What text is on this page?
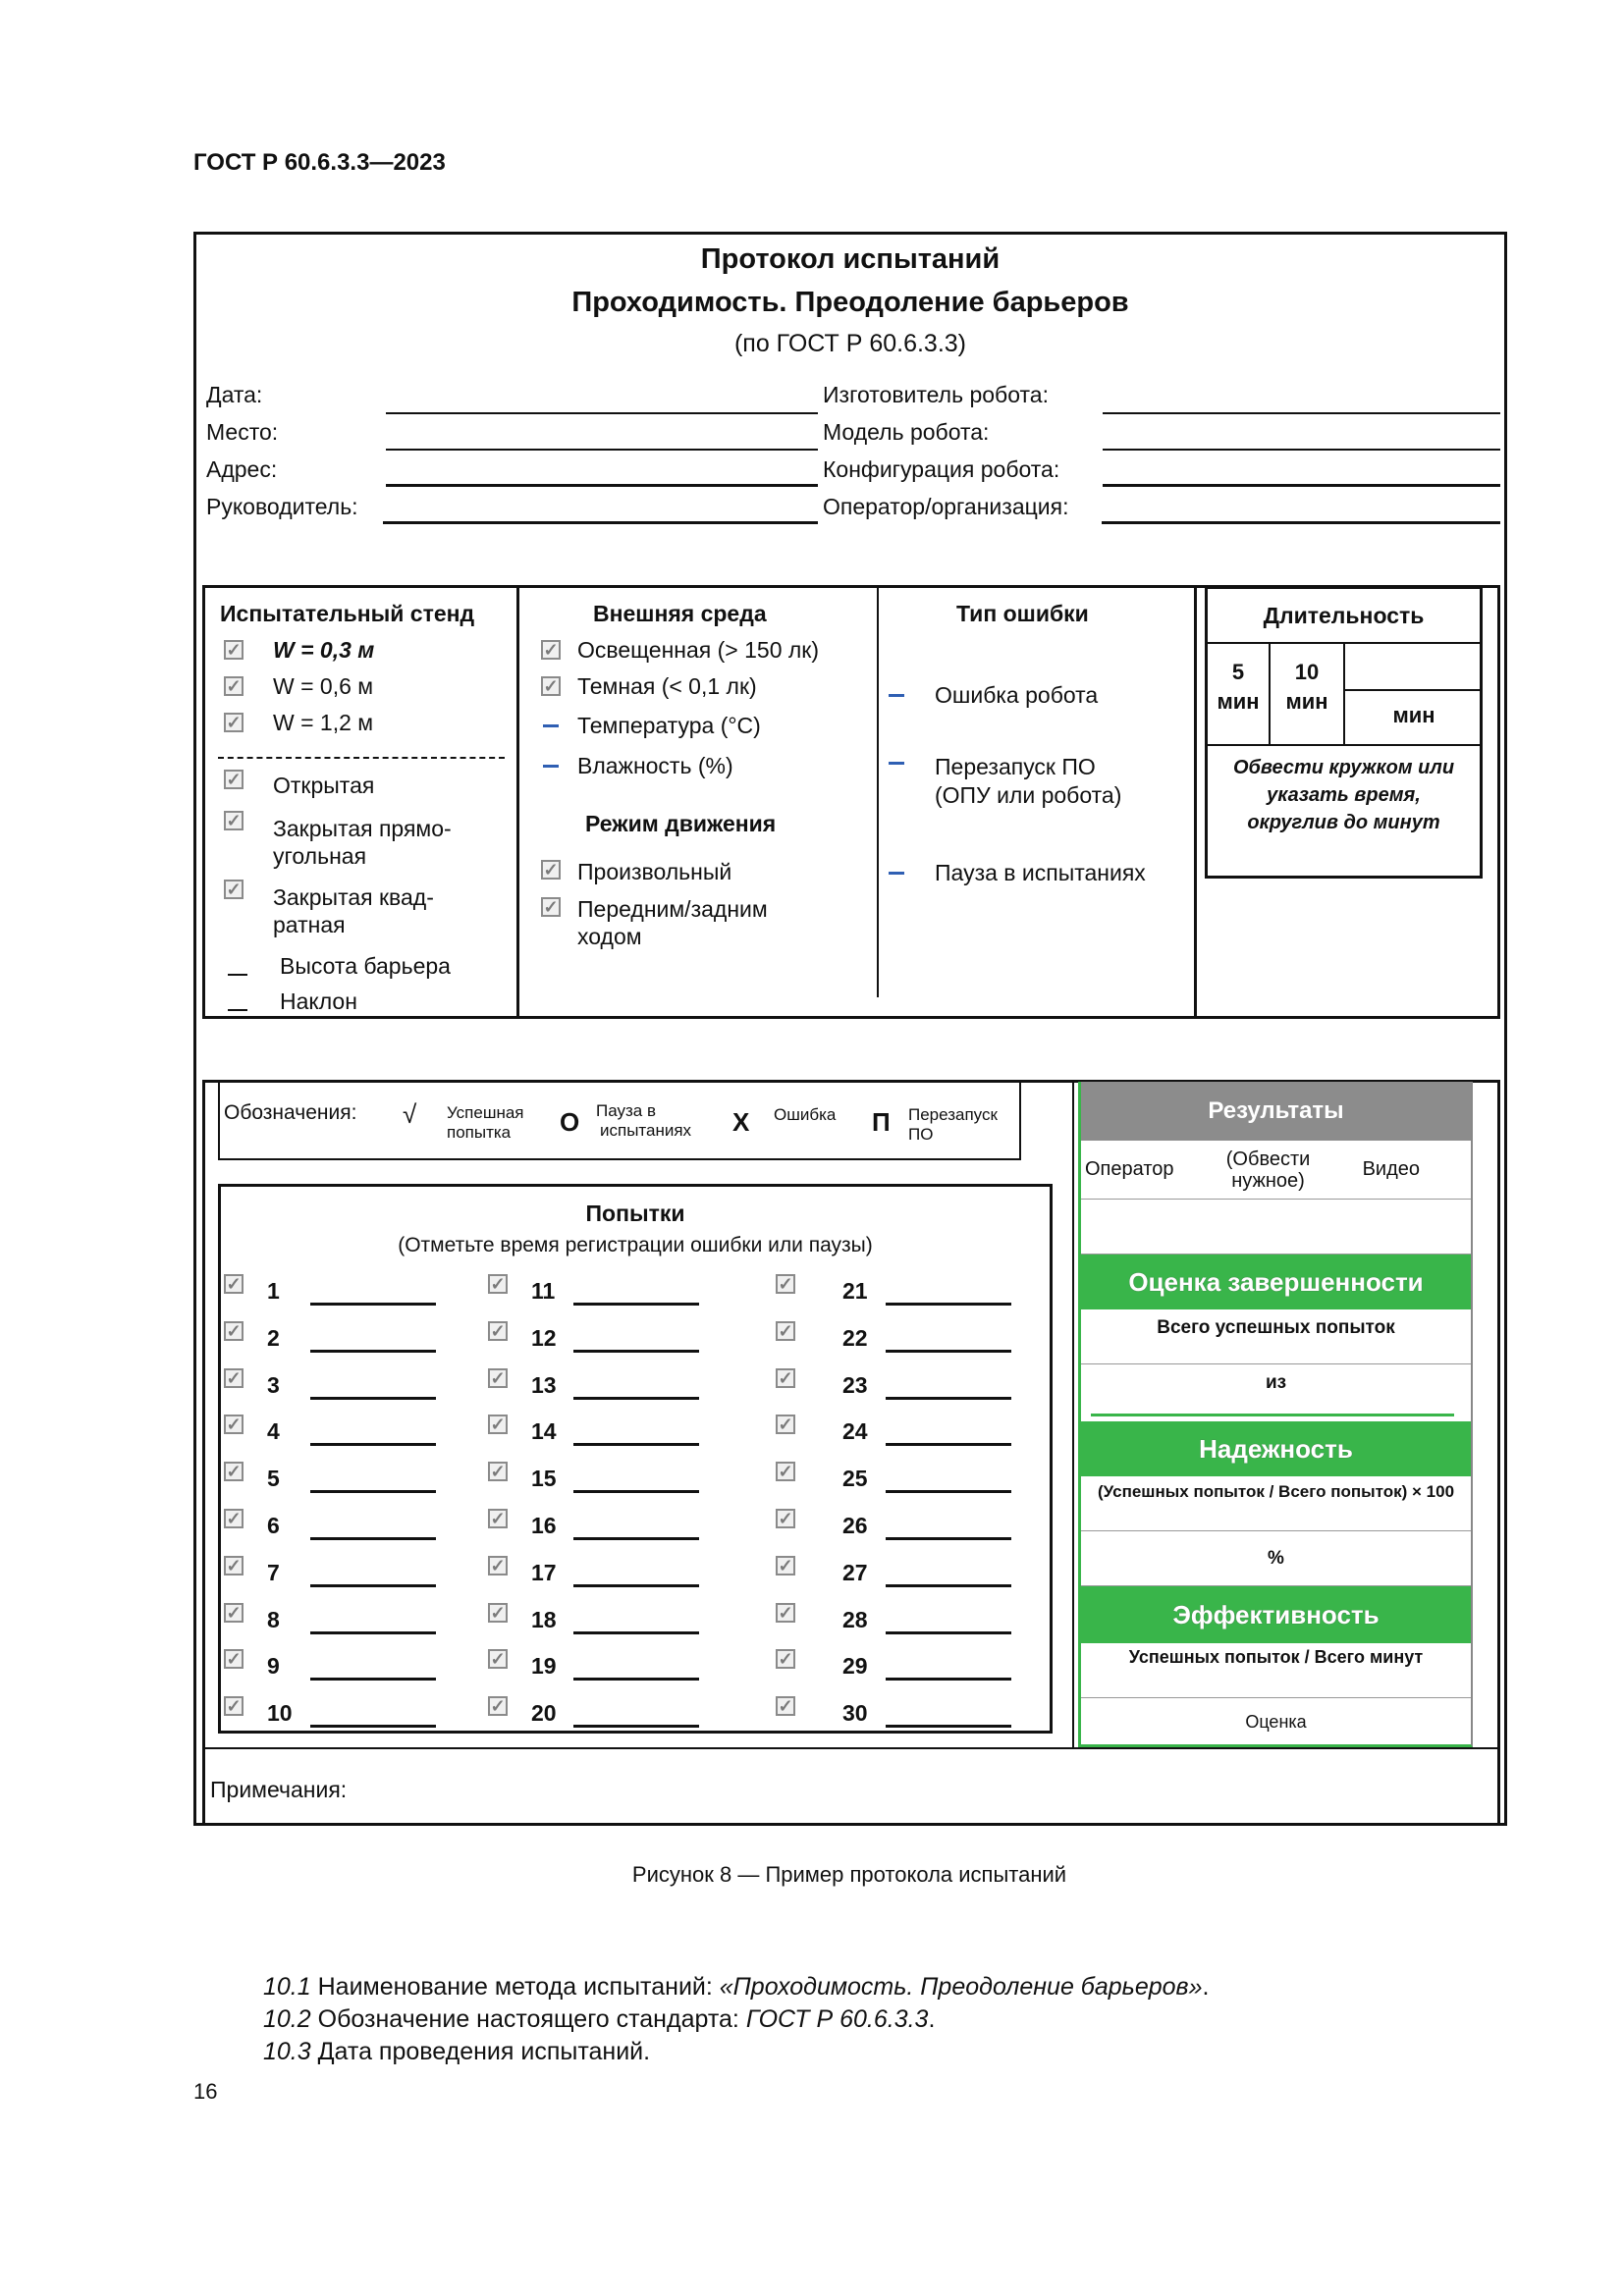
ГОСТ Р 60.6.3.3—2023
Протокол испытаний
Проходимость. Преодоление барьеров
(по ГОСТ Р 60.6.3.3)
Дата:
Место:
Адрес:
Руководитель:
Изготовитель робота:
Модель робота:
Конфигурация робота:
Оператор/организация:
Испытательный стенд
✓ W = 0,3 м
✓ W = 0,6 м
✓ W = 1,2 м
✓ Открытая
✓ Закрытая прямо-
угольная
✓ Закрытая квад-
ратная
Высота барьера
Наклон
Внешняя среда
✓ Освещенная (> 150 лк)
✓ Темная (< 0,1 лк)
Температура (°С)
Влажность (%)
Режим движения
✓ Произвольный
✓ Передним/задним
ходом
Тип ошибки
Ошибка робота
Перезапуск ПО
(ОПУ или робота)
Пауза в испытаниях
Длительность
5
мин
10
мин
мин
Обвести кружком или
указать время,
округлив до минут
Обозначения: √ Успешная
попытка	O Пауза в
испытаниях X Ошибка П Перезапуск
ПО
Попытки
(Отметьте время регистрации ошибки или паузы)
✓ 1
✓ 2
✓ 3
✓ 4
✓ 5
✓ 6
✓ 7
✓ 8
✓ 9
✓ 10
✓ 11
✓ 12
✓ 13
✓ 14
✓ 15
✓ 16
✓ 17
✓ 18
✓ 19
✓ 20
✓ 21
✓ 22
✓ 23
✓ 24
✓ 25
✓ 26
✓ 27
✓ 28
✓ 29
✓ 30
Результаты
Оператор	(Обвести
нужное)
Видео
Оценка завершенности
Всего успешных попыток
из
Надежность
(Успешных попыток / Всего попыток) × 100
%
Эффективность
Успешных попыток / Всего минут
Оценка
Примечания:
Рисунок 8 — Пример протокола испытаний
10.1 Наименование метода испытаний: «Проходимость. Преодоление барьеров».
10.2 Обозначение настоящего стандарта: ГОСТ Р 60.6.3.3.
10.3 Дата проведения испытаний.
16
